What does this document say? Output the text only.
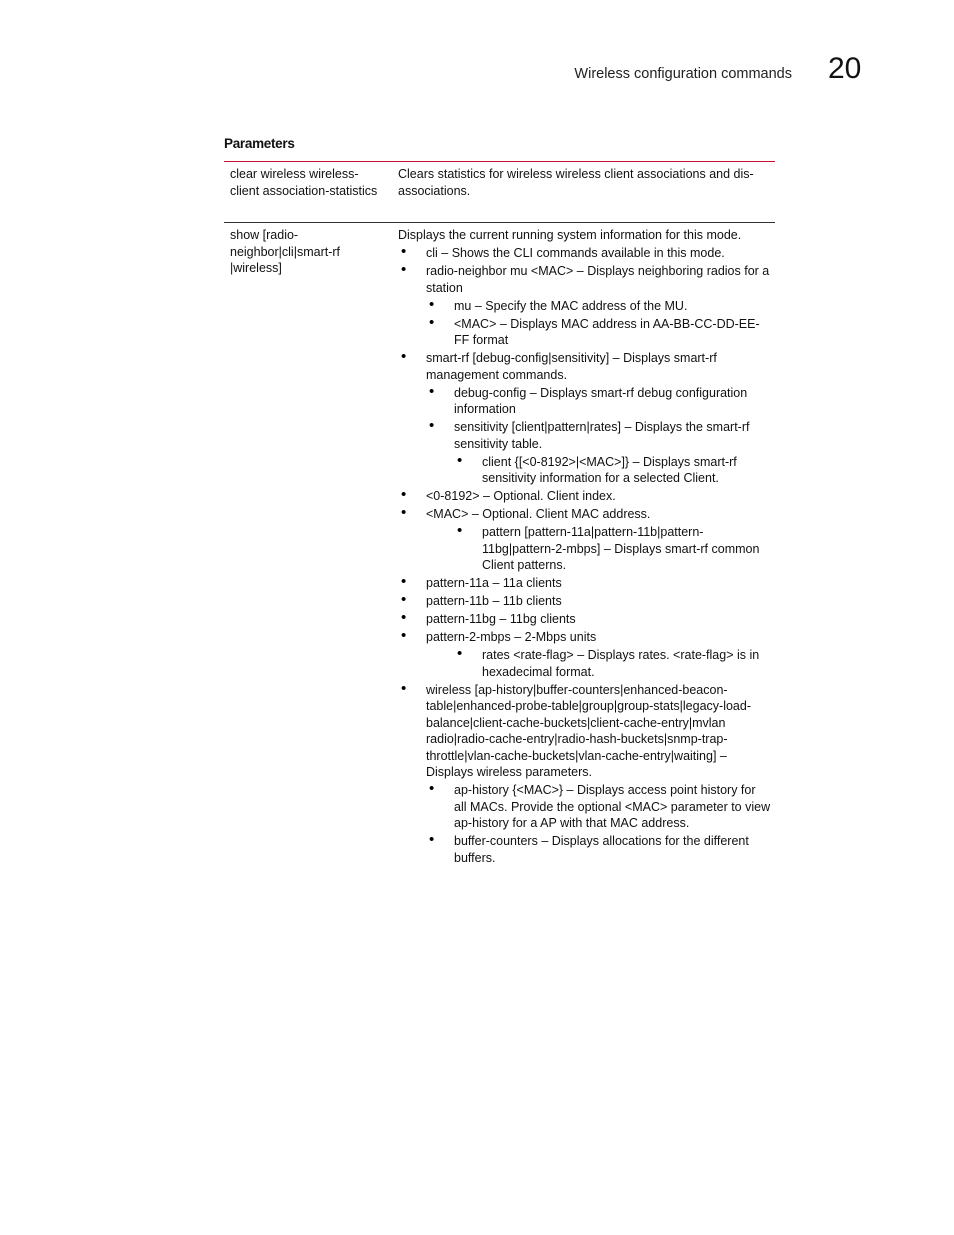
Wireless configuration commands 20
Parameters
clear wireless wireless-client association-statistics
Clears statistics for wireless wireless client associations and dis-associations.
show [radio-neighbor|cli|smart-rf |wireless]
Displays the current running system information for this mode.
• cli – Shows the CLI commands available in this mode.
• radio-neighbor mu <MAC> – Displays neighboring radios for a station
• mu – Specify the MAC address of the MU.
• <MAC> – Displays MAC address in AA-BB-CC-DD-EE-FF format
• smart-rf [debug-config|sensitivity] – Displays smart-rf management commands.
• debug-config – Displays smart-rf debug configuration information
• sensitivity [client|pattern|rates] – Displays the smart-rf sensitivity table.
• client {[<0-8192>|<MAC>]} – Displays smart-rf sensitivity information for a selected Client.
• <0-8192> – Optional. Client index.
• <MAC> – Optional. Client MAC address.
• pattern [pattern-11a|pattern-11b|pattern-11bg|pattern-2-mbps] – Displays smart-rf common Client patterns.
• pattern-11a – 11a clients
• pattern-11b – 11b clients
• pattern-11bg – 11bg clients
• pattern-2-mbps – 2-Mbps units
• rates <rate-flag> – Displays rates. <rate-flag> is in hexadecimal format.
• wireless [ap-history|buffer-counters|enhanced-beacon-table|enhanced-probe-table|group|group-stats|legacy-load-balance|client-cache-buckets|client-cache-entry|mvlan radio|radio-cache-entry|radio-hash-buckets|snmp-trap-throttle|vlan-cache-buckets|vlan-cache-entry|waiting] – Displays wireless parameters.
• ap-history {<MAC>} – Displays access point history for all MACs. Provide the optional <MAC> parameter to view ap-history for a AP with that MAC address.
• buffer-counters – Displays allocations for the different buffers.
